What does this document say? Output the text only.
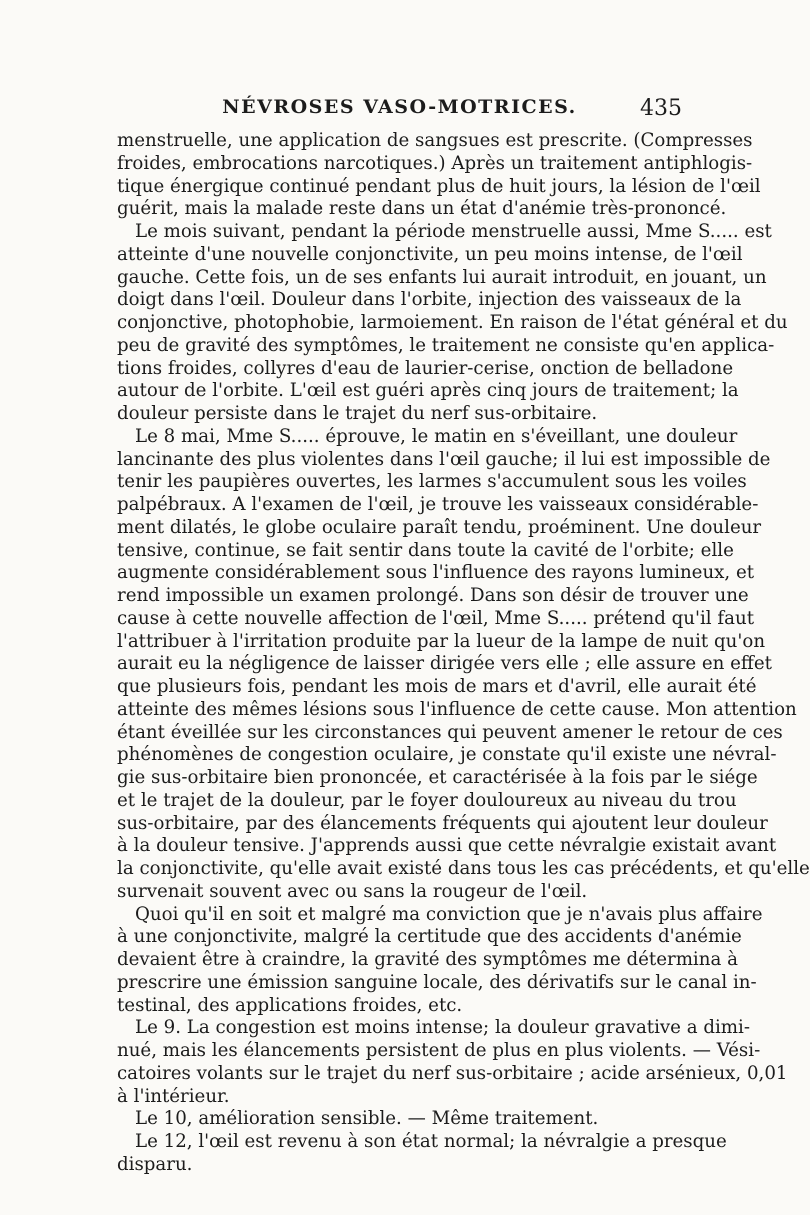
NÉVROSES VASO-MOTRICES.	435
menstruelle, une application de sangsues est prescrite. (Compresses
froides, embrocations narcotiques.) Après un traitement antiphlogis-
tique énergique continué pendant plus de huit jours, la lésion de l'œil
guérit, mais la malade reste dans un état d'anémie très-prononcé.
Le mois suivant, pendant la période menstruelle aussi, Mme S..... est
atteinte d'une nouvelle conjonctivite, un peu moins intense, de l'œil
gauche. Cette fois, un de ses enfants lui aurait introduit, en jouant, un
doigt dans l'œil. Douleur dans l'orbite, injection des vaisseaux de la
conjonctive, photophobie, larmoiement. En raison de l'état général et du
peu de gravité des symptômes, le traitement ne consiste qu'en applica-
tions froides, collyres d'eau de laurier-cerise, onction de belladone
autour de l'orbite. L'œil est guéri après cinq jours de traitement; la
douleur persiste dans le trajet du nerf sus-orbitaire.
Le 8 mai, Mme S..... éprouve, le matin en s'éveillant, une douleur
lancinante des plus violentes dans l'œil gauche; il lui est impossible de
tenir les paupières ouvertes, les larmes s'accumulent sous les voiles
palpébraux. A l'examen de l'œil, je trouve les vaisseaux considérable-
ment dilatés, le globe oculaire paraît tendu, proéminent. Une douleur
tensive, continue, se fait sentir dans toute la cavité de l'orbite; elle
augmente considérablement sous l'influence des rayons lumineux, et
rend impossible un examen prolongé. Dans son désir de trouver une
cause à cette nouvelle affection de l'œil, Mme S..... prétend qu'il faut
l'attribuer à l'irritation produite par la lueur de la lampe de nuit qu'on
aurait eu la négligence de laisser dirigée vers elle ; elle assure en effet
que plusieurs fois, pendant les mois de mars et d'avril, elle aurait été
atteinte des mêmes lésions sous l'influence de cette cause. Mon attention
étant éveillée sur les circonstances qui peuvent amener le retour de ces
phénomènes de congestion oculaire, je constate qu'il existe une névral-
gie sus-orbitaire bien prononcée, et caractérisée à la fois par le siége
et le trajet de la douleur, par le foyer douloureux au niveau du trou
sus-orbitaire, par des élancements fréquents qui ajoutent leur douleur
à la douleur tensive. J'apprends aussi que cette névralgie existait avant
la conjonctivite, qu'elle avait existé dans tous les cas précédents, et qu'elle
survenait souvent avec ou sans la rougeur de l'œil.
Quoi qu'il en soit et malgré ma conviction que je n'avais plus affaire
à une conjonctivite, malgré la certitude que des accidents d'anémie
devaient être à craindre, la gravité des symptômes me détermina à
prescrire une émission sanguine locale, des dérivatifs sur le canal in-
testinal, des applications froides, etc.
Le 9. La congestion est moins intense; la douleur gravative a dimi-
nué, mais les élancements persistent de plus en plus violents. — Vési-
catoires volants sur le trajet du nerf sus-orbitaire ; acide arsénieux, 0,01
à l'intérieur.
Le 10, amélioration sensible. — Même traitement.
Le 12, l'œil est revenu à son état normal; la névralgie a presque
disparu.
